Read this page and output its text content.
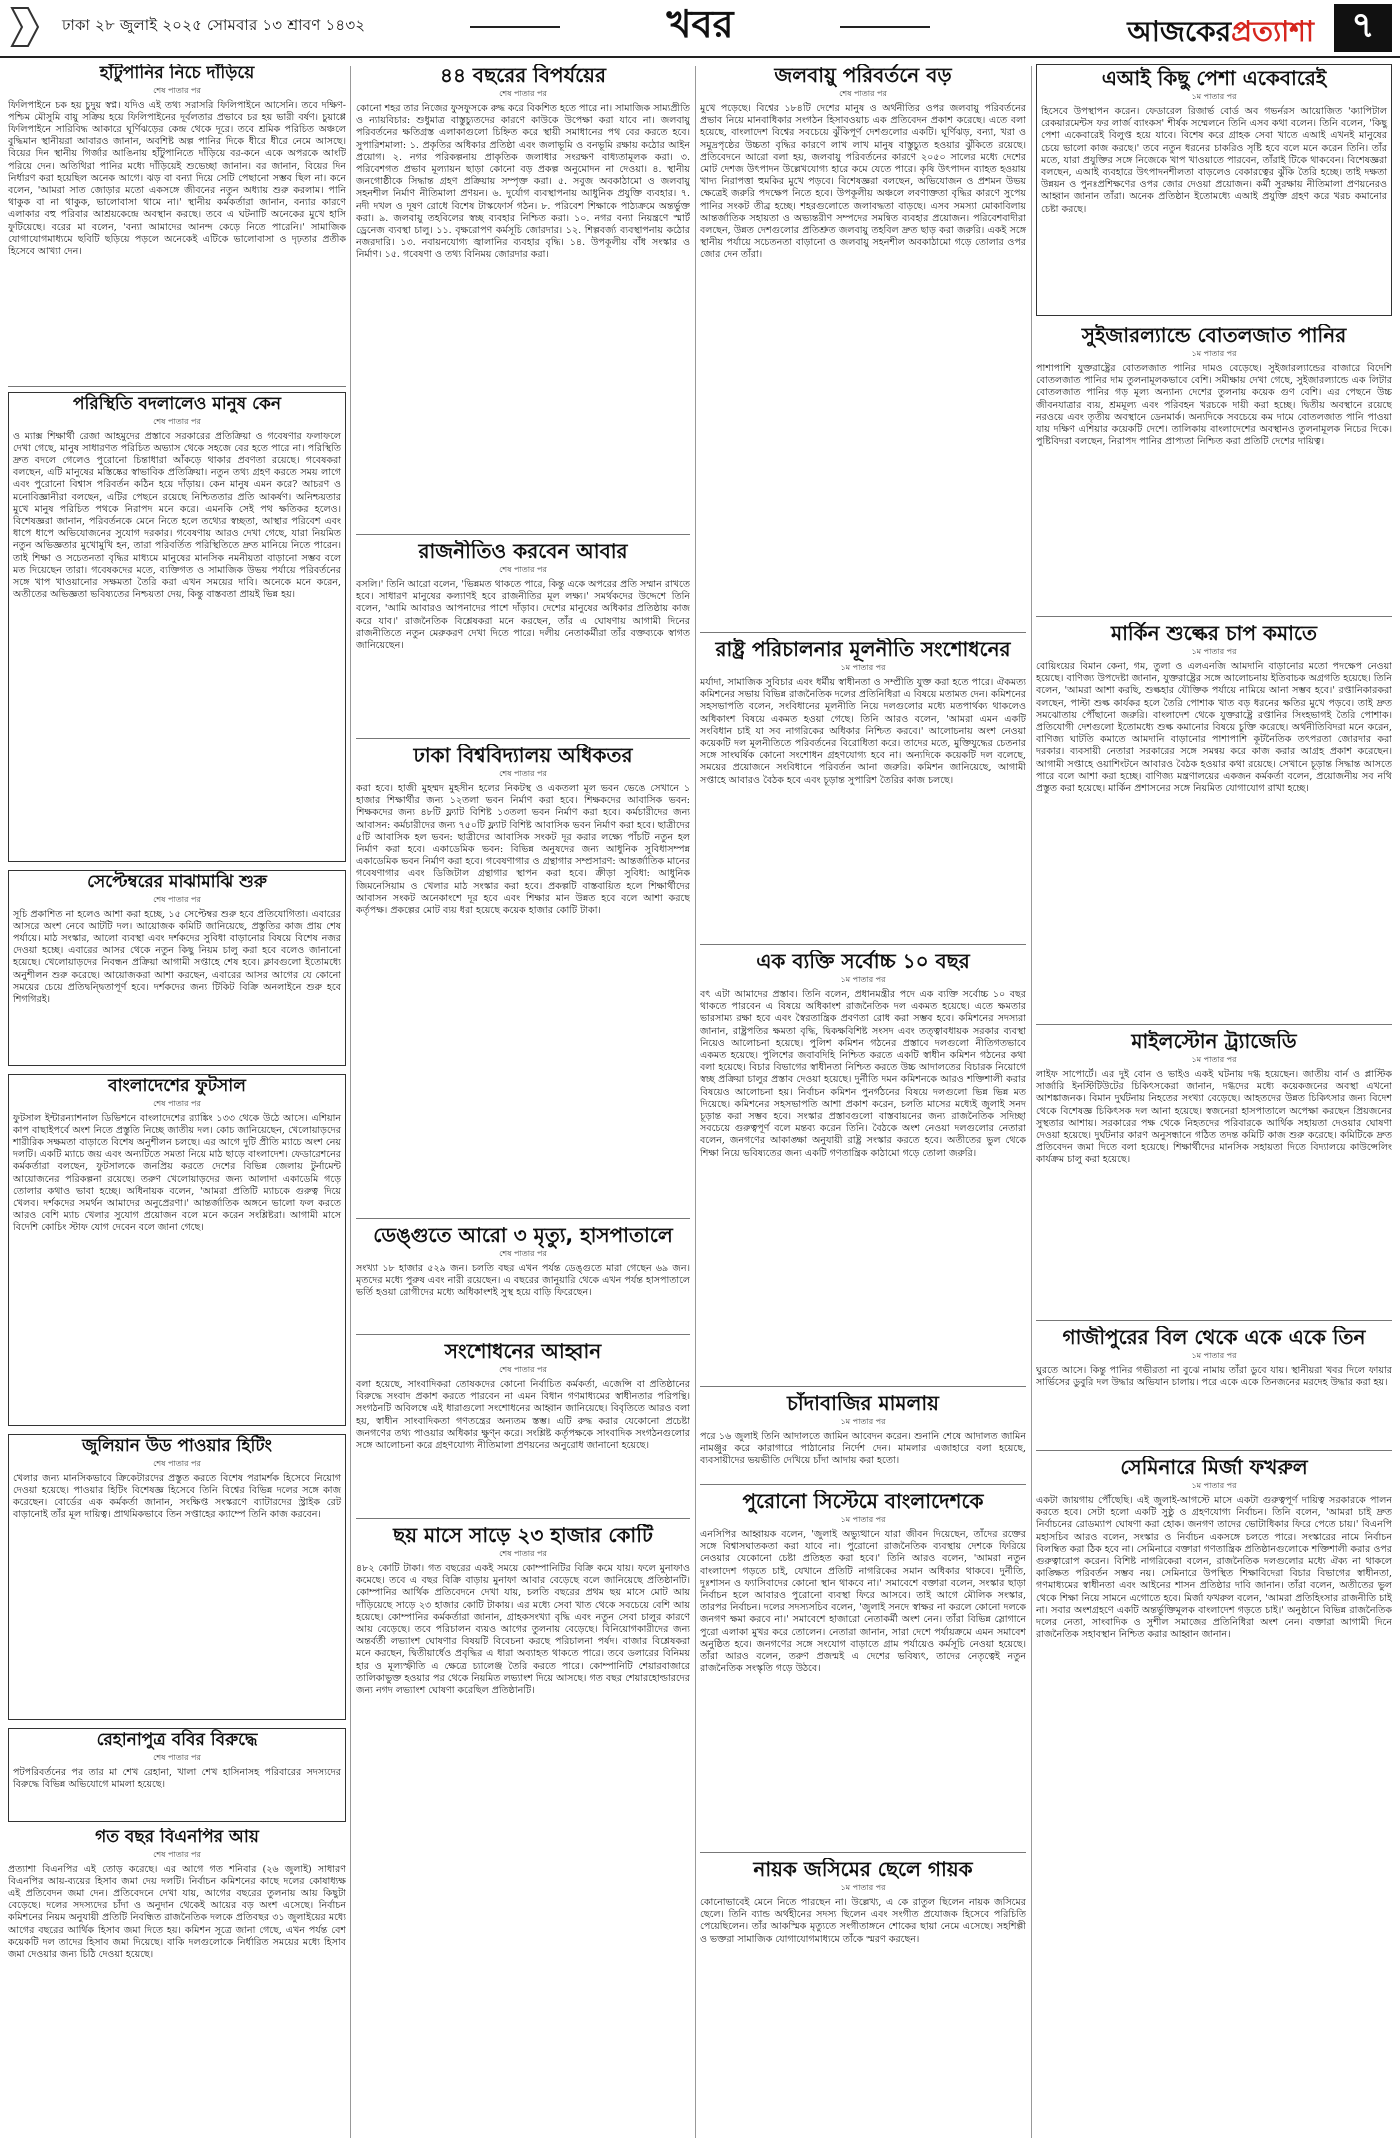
ঢাকা ২৮ জুলাই ২০২৫ সোমবার ১৩ শ্রাবণ ১৪৩২	খবর	আজকেরপ্রত্যাশা	৭
হাঁটুপানির নিচে দাঁড়িয়ে
শেষ পাতার পর
ফিলিপাইনে চক হয় চুদুয় স্বপ্ন। যদিও এই তথ্য সরাসরি ফিলিপাইনে আসেনি। তবে দক্ষিণ-পশ্চিম মৌসুমি বায়ু সক্রিয় হয়ে ফিলিপাইনের দূর্বলতার প্রভাবে চর হয় ভারী বর্ষণ। চুয়াপ্পে ফিলিপাইনে সারিবিদ্ধ আকারে ঘূর্ণিঝড়ের কেন্দ্র থেকে দূরে। তবে শ্রমিক পরিচিত অঞ্চলে বুদ্ধিমান স্থানীয়রা আবারও জানান, অবশিষ্ট অল্প পানির দিকে ধীরে ধীরে নেমে আসছে। বিয়ের দিন স্থানীয় গির্জার আঙিনায় হাঁটুপানিতে দাঁড়িয়ে বর-কনে একে অপরকে আংটি পরিয়ে দেন। অতিথিরা পানির মধ্যে দাঁড়িয়েই শুভেচ্ছা জানান। বর জানান, বিয়ের দিন নির্ধারণ করা হয়েছিল অনেক আগে। ঝড় বা বন্যা দিয়ে সেটি পেছানো সম্ভব ছিল না। কনে বলেন, 'আমরা সাত জোড়ার মতো একসঙ্গে জীবনের নতুন অধ্যায় শুরু করলাম। পানি থাকুক বা না থাকুক, ভালোবাসা থামে না।' স্থানীয় কর্মকর্তারা জানান, বন্যার কারণে এলাকার বহু পরিবার আশ্রয়কেন্দ্রে অবস্থান করছে। তবে এ ঘটনাটি অনেকের মুখে হাসি ফুটিয়েছে। বরের মা বলেন, 'বন্যা আমাদের আনন্দ কেড়ে নিতে পারেনি।' সামাজিক যোগাযোগমাধ্যমে ছবিটি ছড়িয়ে পড়লে অনেকেই এটিকে ভালোবাসা ও দৃঢ়তার প্রতীক হিসেবে আখ্যা দেন।
পরিস্থিতি বদলালেও মানুষ কেন
শেষ পাতার পর
ও ম্যাক্স শিক্ষার্থী রেজা আহমুদের প্রস্তাবে সরকারের প্রতিক্রিয়া ও গবেষণার ফলাফলে দেখা গেছে, মানুষ সাধারণত পরিচিত অভ্যাস থেকে সহজে বের হতে পারে না। পরিস্থিতি দ্রুত বদলে গেলেও পুরোনো চিন্তাধারা আঁকড়ে থাকার প্রবণতা রয়েছে। গবেষকরা বলছেন, এটি মানুষের মস্তিষ্কের স্বাভাবিক প্রতিক্রিয়া। নতুন তথ্য গ্রহণ করতে সময় লাগে এবং পুরোনো বিশ্বাস পরিবর্তন কঠিন হয়ে দাঁড়ায়। কেন মানুষ এমন করে? আচরণ ও মনোবিজ্ঞানীরা বলছেন, এটির পেছনে রয়েছে নিশ্চিততার প্রতি আকর্ষণ। অনিশ্চয়তার মুখে মানুষ পরিচিত পথকে নিরাপদ মনে করে। এমনকি সেই পথ ক্ষতিকর হলেও। বিশেষজ্ঞরা জানান, পরিবর্তনকে মেনে নিতে হলে তথ্যের স্বচ্ছতা, আস্থার পরিবেশ এবং ধাপে ধাপে অভিযোজনের সুযোগ দরকার। গবেষণায় আরও দেখা গেছে, যারা নিয়মিত নতুন অভিজ্ঞতার মুখোমুখি হন, তারা পরিবর্তিত পরিস্থিতিতে দ্রুত মানিয়ে নিতে পারেন। তাই শিক্ষা ও সচেতনতা বৃদ্ধির মাধ্যমে মানুষের মানসিক নমনীয়তা বাড়ানো সম্ভব বলে মত দিয়েছেন তারা। গবেষকদের মতে, ব্যক্তিগত ও সামাজিক উভয় পর্যায়ে পরিবর্তনের সঙ্গে খাপ খাওয়ানোর সক্ষমতা তৈরি করা এখন সময়ের দাবি। অনেকে মনে করেন, অতীতের অভিজ্ঞতা ভবিষ্যতের নিশ্চয়তা দেয়, কিন্তু বাস্তবতা প্রায়ই ভিন্ন হয়।
সেপ্টেম্বরের মাঝামাঝি শুরু
শেষ পাতার পর
সূচি প্রকাশিত না হলেও আশা করা হচ্ছে, ১৫ সেপ্টেম্বর শুরু হবে প্রতিযোগিতা। এবারের আসরে অংশ নেবে আটটি দল। আয়োজক কমিটি জানিয়েছে, প্রস্তুতির কাজ প্রায় শেষ পর্যায়ে। মাঠ সংস্কার, আলো ব্যবস্থা এবং দর্শকদের সুবিধা বাড়ানোর বিষয়ে বিশেষ নজর দেওয়া হচ্ছে। এবারের আসর থেকে নতুন কিছু নিয়ম চালু করা হবে বলেও জানানো হয়েছে। খেলোয়াড়দের নিবন্ধন প্রক্রিয়া আগামী সপ্তাহে শেষ হবে। ক্লাবগুলো ইতোমধ্যে অনুশীলন শুরু করেছে। আয়োজকরা আশা করছেন, এবারের আসর আগের যে কোনো সময়ের চেয়ে প্রতিদ্বন্দ্বিতাপূর্ণ হবে। দর্শকদের জন্য টিকিট বিক্রি অনলাইনে শুরু হবে শিগগিরই।
বাংলাদেশের ফুটসাল
শেষ পাতার পর
ফুটসাল ইন্টারন্যাশনাল ডিভিশনে বাংলাদেশের র‌্যাঙ্কিং ১৩৩ থেকে উঠে আসে। এশিয়ান কাপ বাছাইপর্বে অংশ নিতে প্রস্তুতি নিচ্ছে জাতীয় দল। কোচ জানিয়েছেন, খেলোয়াড়দের শারীরিক সক্ষমতা বাড়াতে বিশেষ অনুশীলন চলছে। এর আগে দুটি প্রীতি ম্যাচে অংশ নেয় দলটি। একটি ম্যাচে জয় এবং অন্যটিতে সমতা নিয়ে মাঠ ছাড়ে বাংলাদেশ। ফেডারেশনের কর্মকর্তারা বলছেন, ফুটসালকে জনপ্রিয় করতে দেশের বিভিন্ন জেলায় টুর্নামেন্ট আয়োজনের পরিকল্পনা রয়েছে। তরুণ খেলোয়াড়দের জন্য আলাদা একাডেমি গড়ে তোলার কথাও ভাবা হচ্ছে। অধিনায়ক বলেন, 'আমরা প্রতিটি ম্যাচকে গুরুত্ব দিয়ে খেলব। দর্শকদের সমর্থন আমাদের অনুপ্রেরণা।' আন্তর্জাতিক অঙ্গনে ভালো ফল করতে আরও বেশি ম্যাচ খেলার সুযোগ প্রয়োজন বলে মনে করেন সংশ্লিষ্টরা। আগামী মাসে বিদেশি কোচিং স্টাফ যোগ দেবেন বলে জানা গেছে।
জুলিয়ান উড পাওয়ার হিটিং
শেষ পাতার পর
খেলার জন্য মানসিকভাবে ক্রিকেটারদের প্রস্তুত করতে বিশেষ পরামর্শক হিসেবে নিয়োগ দেওয়া হয়েছে। পাওয়ার হিটিং বিশেষজ্ঞ হিসেবে তিনি বিশ্বের বিভিন্ন দলের সঙ্গে কাজ করেছেন। বোর্ডের এক কর্মকর্তা জানান, সংক্ষিপ্ত সংস্করণে ব্যাটারদের স্ট্রাইক রেট বাড়ানোই তাঁর মূল দায়িত্ব। প্রাথমিকভাবে তিন সপ্তাহের ক্যাম্পে তিনি কাজ করবেন।
রেহানাপুত্র ববির বিরুদ্ধে
শেষ পাতার পর
পটপরিবর্তনের পর তার মা শেখ রেহানা, খালা শেখ হাসিনাসহ পরিবারের সদস্যদের বিরুদ্ধে বিভিন্ন অভিযোগে মামলা হয়েছে।
গত বছর বিএনপির আয়
শেষ পাতার পর
প্রত্যাশা বিএনপির এই তোড় করেছে। এর আগে গত শনিবার (২৬ জুলাই) সাধারণ বিএনপির আয়-ব্যয়ের হিসাব জমা দেয় দলটি। নির্বাচন কমিশনের কাছে দলের কোষাধ্যক্ষ এই প্রতিবেদন জমা দেন। প্রতিবেদনে দেখা যায়, আগের বছরের তুলনায় আয় কিছুটা বেড়েছে। দলের সদস্যদের চাঁদা ও অনুদান থেকেই আয়ের বড় অংশ এসেছে। নির্বাচন কমিশনের নিয়ম অনুযায়ী প্রতিটি নিবন্ধিত রাজনৈতিক দলকে প্রতিবছর ৩১ জুলাইয়ের মধ্যে আগের বছরের আর্থিক হিসাব জমা দিতে হয়। কমিশন সূত্রে জানা গেছে, এখন পর্যন্ত বেশ কয়েকটি দল তাদের হিসাব জমা দিয়েছে। বাকি দলগুলোকে নির্ধারিত সময়ের মধ্যে হিসাব জমা দেওয়ার জন্য চিঠি দেওয়া হয়েছে।
৪৪ বছরের বিপর্যয়ের
শেষ পাতার পর
কোনো শহর তার নিজের ফুসফুসকে রুদ্ধ করে বিকশিত হতে পারে না। সামাজিক সাম্যপ্রীতি ও ন্যায়বিচার: শুধুমাত্র বাস্তুচ্যুতদের কারণে কাউকে উপেক্ষা করা যাবে না। জলবায়ু পরিবর্তনের ক্ষতিগ্রস্ত এলাকাগুলো চিহ্নিত করে স্থায়ী সমাধানের পথ বের করতে হবে। সুপারিশমালা: ১. প্রকৃতির অধিকার প্রতিষ্ঠা এবং জলাভূমি ও বনভূমি রক্ষায় কঠোর আইন প্রয়োগ। ২. নগর পরিকল্পনায় প্রাকৃতিক জলাধার সংরক্ষণ বাধ্যতামূলক করা। ৩. পরিবেশগত প্রভাব মূল্যায়ন ছাড়া কোনো বড় প্রকল্প অনুমোদন না দেওয়া। ৪. স্থানীয় জনগোষ্ঠীকে সিদ্ধান্ত গ্রহণ প্রক্রিয়ায় সম্পৃক্ত করা। ৫. সবুজ অবকাঠামো ও জলবায়ু সহনশীল নির্মাণ নীতিমালা প্রণয়ন। ৬. দুর্যোগ ব্যবস্থাপনায় আধুনিক প্রযুক্তি ব্যবহার। ৭. নদী দখল ও দূষণ রোধে বিশেষ টাস্কফোর্স গঠন। ৮. পরিবেশ শিক্ষাকে পাঠ্যক্রমে অন্তর্ভুক্ত করা। ৯. জলবায়ু তহবিলের স্বচ্ছ ব্যবহার নিশ্চিত করা। ১০. নগর বন্যা নিয়ন্ত্রণে স্মার্ট ড্রেনেজ ব্যবস্থা চালু। ১১. বৃক্ষরোপণ কর্মসূচি জোরদার। ১২. শিল্পবর্জ্য ব্যবস্থাপনায় কঠোর নজরদারি। ১৩. নবায়নযোগ্য জ্বালানির ব্যবহার বৃদ্ধি। ১৪. উপকূলীয় বাঁধ সংস্কার ও নির্মাণ। ১৫. গবেষণা ও তথ্য বিনিময় জোরদার করা।
রাজনীতিও করবেন আবার
শেষ পাতার পর
বসলি।' তিনি আরো বলেন, 'ভিন্নমত থাকতে পারে, কিন্তু একে অপরের প্রতি সম্মান রাখতে হবে। সাধারণ মানুষের কল্যাণই হবে রাজনীতির মূল লক্ষ্য।' সমর্থকদের উদ্দেশে তিনি বলেন, 'আমি আবারও আপনাদের পাশে দাঁড়াব। দেশের মানুষের অধিকার প্রতিষ্ঠায় কাজ করে যাব।' রাজনৈতিক বিশ্লেষকরা মনে করছেন, তাঁর এ ঘোষণায় আগামী দিনের রাজনীতিতে নতুন মেরুকরণ দেখা দিতে পারে। দলীয় নেতাকর্মীরা তাঁর বক্তব্যকে স্বাগত জানিয়েছেন।
ঢাকা বিশ্ববিদ্যালয় অধিকতর
শেষ পাতার পর
করা হবে। হাজী মুহম্মদ মুহসীন হলের নিকটস্থ ও একতলা মূল ভবন ভেঙে সেখানে ১ হাজার শিক্ষার্থীর জন্য ১২তলা ভবন নির্মাণ করা হবে। শিক্ষকদের আবাসিক ভবন: শিক্ষকদের জন্য ৪৮টি ফ্ল্যাট বিশিষ্ট ১৩তলা ভবন নির্মাণ করা হবে। কর্মচারীদের জন্য আবাসন: কর্মচারীদের জন্য ৭৫০টি ফ্ল্যাট বিশিষ্ট আবাসিক ভবন নির্মাণ করা হবে। ছাত্রীদের ৫টি আবাসিক হল ভবন: ছাত্রীদের আবাসিক সংকট দূর করার লক্ষ্যে পাঁচটি নতুন হল নির্মাণ করা হবে। একাডেমিক ভবন: বিভিন্ন অনুষদের জন্য আধুনিক সুবিধাসম্পন্ন একাডেমিক ভবন নির্মাণ করা হবে। গবেষণাগার ও গ্রন্থাগার সম্প্রসারণ: আন্তর্জাতিক মানের গবেষণাগার এবং ডিজিটাল গ্রন্থাগার স্থাপন করা হবে। ক্রীড়া সুবিধা: আধুনিক জিমনেসিয়াম ও খেলার মাঠ সংস্কার করা হবে। প্রকল্পটি বাস্তবায়িত হলে শিক্ষার্থীদের আবাসন সংকট অনেকাংশে দূর হবে এবং শিক্ষার মান উন্নত হবে বলে আশা করছে কর্তৃপক্ষ। প্রকল্পের মোট ব্যয় ধরা হয়েছে কয়েক হাজার কোটি টাকা।
ডেঙ্গুতে আরো ৩ মৃত্যু, হাসপাতালে
শেষ পাতার পর
সংখ্যা ১৮ হাজার ৫২৯ জন। চলতি বছর এখন পর্যন্ত ডেঙ্গুতে মারা গেছেন ৬৯ জন। মৃতদের মধ্যে পুরুষ এবং নারী রয়েছেন। এ বছরের জানুয়ারি থেকে এখন পর্যন্ত হাসপাতালে ভর্তি হওয়া রোগীদের মধ্যে অধিকাংশই সুস্থ হয়ে বাড়ি ফিরেছেন।
সংশোধনের আহ্বান
শেষ পাতার পর
বলা হয়েছে, সাংবাদিকরা তোষকদের কোনো নির্বাচিত কর্মকর্তা, এজেন্সি বা প্রতিষ্ঠানের বিরুদ্ধে সংবাদ প্রকাশ করতে পারবেন না এমন বিধান গণমাধ্যমের স্বাধীনতার পরিপন্থি। সংগঠনটি অবিলম্বে এই ধারাগুলো সংশোধনের আহ্বান জানিয়েছে। বিবৃতিতে আরও বলা হয়, স্বাধীন সাংবাদিকতা গণতন্ত্রের অন্যতম স্তম্ভ। এটি রুদ্ধ করার যেকোনো প্রচেষ্টা জনগণের তথ্য পাওয়ার অধিকার ক্ষুণ্ন করে। সংশ্লিষ্ট কর্তৃপক্ষকে সাংবাদিক সংগঠনগুলোর সঙ্গে আলোচনা করে গ্রহণযোগ্য নীতিমালা প্রণয়নের অনুরোধ জানানো হয়েছে।
ছয় মাসে সাড়ে ২৩ হাজার কোটি
শেষ পাতার পর
৪৮২ কোটি টাকা। গত বছরের একই সময়ে কোম্পানিটির বিক্রি কমে যায়। ফলে মুনাফাও কমেছে। তবে এ বছর বিক্রি বাড়ায় মুনাফা আবার বেড়েছে বলে জানিয়েছে প্রতিষ্ঠানটি। কোম্পানির আর্থিক প্রতিবেদনে দেখা যায়, চলতি বছরের প্রথম ছয় মাসে মোট আয় দাঁড়িয়েছে সাড়ে ২৩ হাজার কোটি টাকায়। এর মধ্যে সেবা খাত থেকে সবচেয়ে বেশি আয় হয়েছে। কোম্পানির কর্মকর্তারা জানান, গ্রাহকসংখ্যা বৃদ্ধি এবং নতুন সেবা চালুর কারণে আয় বেড়েছে। তবে পরিচালন ব্যয়ও আগের তুলনায় বেড়েছে। বিনিয়োগকারীদের জন্য অন্তর্বর্তী লভ্যাংশ ঘোষণার বিষয়টি বিবেচনা করছে পরিচালনা পর্ষদ। বাজার বিশ্লেষকরা মনে করছেন, দ্বিতীয়ার্ধেও প্রবৃদ্ধির এ ধারা অব্যাহত থাকতে পারে। তবে ডলারের বিনিময় হার ও মূল্যস্ফীতি এ ক্ষেত্রে চ্যালেঞ্জ তৈরি করতে পারে। কোম্পানিটি শেয়ারবাজারে তালিকাভুক্ত হওয়ার পর থেকে নিয়মিত লভ্যাংশ দিয়ে আসছে। গত বছর শেয়ারহোল্ডারদের জন্য নগদ লভ্যাংশ ঘোষণা করেছিল প্রতিষ্ঠানটি।
জলবায়ু পরিবর্তনে বড়
শেষ পাতার পর
মুখে পড়েছে। বিশ্বের ১৮৪টি দেশের মানুষ ও অর্থনীতির ওপর জলবায়ু পরিবর্তনের প্রভাব নিয়ে মানবাধিকার সংগঠন হিসাবওয়াচ এক প্রতিবেদন প্রকাশ করেছে। এতে বলা হয়েছে, বাংলাদেশ বিশ্বের সবচেয়ে ঝুঁকিপূর্ণ দেশগুলোর একটি। ঘূর্ণিঝড়, বন্যা, খরা ও সমুদ্রপৃষ্ঠের উচ্চতা বৃদ্ধির কারণে লাখ লাখ মানুষ বাস্তুচ্যুত হওয়ার ঝুঁকিতে রয়েছে। প্রতিবেদনে আরো বলা হয়, জলবায়ু পরিবর্তনের কারণে ২০৫০ সালের মধ্যে দেশের মোট দেশজ উৎপাদন উল্লেখযোগ্য হারে কমে যেতে পারে। কৃষি উৎপাদন ব্যাহত হওয়ায় খাদ্য নিরাপত্তা হুমকির মুখে পড়বে। বিশেষজ্ঞরা বলছেন, অভিযোজন ও প্রশমন উভয় ক্ষেত্রেই জরুরি পদক্ষেপ নিতে হবে। উপকূলীয় অঞ্চলে লবণাক্ততা বৃদ্ধির কারণে সুপেয় পানির সংকট তীব্র হচ্ছে। শহরগুলোতে জলাবদ্ধতা বাড়ছে। এসব সমস্যা মোকাবিলায় আন্তর্জাতিক সহায়তা ও অভ্যন্তরীণ সম্পদের সমন্বিত ব্যবহার প্রয়োজন। পরিবেশবাদীরা বলছেন, উন্নত দেশগুলোর প্রতিশ্রুত জলবায়ু তহবিল দ্রুত ছাড় করা জরুরি। একই সঙ্গে স্থানীয় পর্যায়ে সচেতনতা বাড়ানো ও জলবায়ু সহনশীল অবকাঠামো গড়ে তোলার ওপর জোর দেন তাঁরা।
রাষ্ট্র পরিচালনার মূলনীতি সংশোধনের
১ম পাতার পর
মর্যাদা, সামাজিক সুবিচার এবং ধর্মীয় স্বাধীনতা ও সম্প্রীতি যুক্ত করা হতে পারে। ঐকমত্য কমিশনের সভায় বিভিন্ন রাজনৈতিক দলের প্রতিনিধিরা এ বিষয়ে মতামত দেন। কমিশনের সহসভাপতি বলেন, সংবিধানের মূলনীতি নিয়ে দলগুলোর মধ্যে মতপার্থক্য থাকলেও অধিকাংশ বিষয়ে একমত হওয়া গেছে। তিনি আরও বলেন, 'আমরা এমন একটি সংবিধান চাই যা সব নাগরিকের অধিকার নিশ্চিত করবে।' আলোচনায় অংশ নেওয়া কয়েকটি দল মূলনীতিতে পরিবর্তনের বিরোধিতা করে। তাদের মতে, মুক্তিযুদ্ধের চেতনার সঙ্গে সাংঘর্ষিক কোনো সংশোধন গ্রহণযোগ্য হবে না। অন্যদিকে কয়েকটি দল বলেছে, সময়ের প্রয়োজনে সংবিধানে পরিবর্তন আনা জরুরি। কমিশন জানিয়েছে, আগামী সপ্তাহে আবারও বৈঠক হবে এবং চূড়ান্ত সুপারিশ তৈরির কাজ চলছে।
এক ব্যক্তি সর্বোচ্চ ১০ বছর
১ম পাতার পর
বৎ এটা আমাদের প্রস্তাব। তিনি বলেন, প্রধানমন্ত্রীর পদে এক ব্যক্তি সর্বোচ্চ ১০ বছর থাকতে পারবেন এ বিষয়ে অধিকাংশ রাজনৈতিক দল একমত হয়েছে। এতে ক্ষমতার ভারসাম্য রক্ষা হবে এবং স্বৈরতান্ত্রিক প্রবণতা রোধ করা সম্ভব হবে। কমিশনের সদস্যরা জানান, রাষ্ট্রপতির ক্ষমতা বৃদ্ধি, দ্বিকক্ষবিশিষ্ট সংসদ এবং তত্ত্বাবধায়ক সরকার ব্যবস্থা নিয়েও আলোচনা হয়েছে। পুলিশ কমিশন গঠনের প্রস্তাবে দলগুলো নীতিগতভাবে একমত হয়েছে। পুলিশের জবাবদিহি নিশ্চিত করতে একটি স্বাধীন কমিশন গঠনের কথা বলা হয়েছে। বিচার বিভাগের স্বাধীনতা নিশ্চিত করতে উচ্চ আদালতের বিচারক নিয়োগে স্বচ্ছ প্রক্রিয়া চালুর প্রস্তাব দেওয়া হয়েছে। দুর্নীতি দমন কমিশনকে আরও শক্তিশালী করার বিষয়েও আলোচনা হয়। নির্বাচন কমিশন পুনর্গঠনের বিষয়ে দলগুলো ভিন্ন ভিন্ন মত দিয়েছে। কমিশনের সহসভাপতি আশা প্রকাশ করেন, চলতি মাসের মধ্যেই জুলাই সনদ চূড়ান্ত করা সম্ভব হবে। সংস্কার প্রস্তাবগুলো বাস্তবায়নের জন্য রাজনৈতিক সদিচ্ছা সবচেয়ে গুরুত্বপূর্ণ বলে মন্তব্য করেন তিনি। বৈঠকে অংশ নেওয়া দলগুলোর নেতারা বলেন, জনগণের আকাঙ্ক্ষা অনুযায়ী রাষ্ট্র সংস্কার করতে হবে। অতীতের ভুল থেকে শিক্ষা নিয়ে ভবিষ্যতের জন্য একটি গণতান্ত্রিক কাঠামো গড়ে তোলা জরুরি।
চাঁদাবাজির মামলায়
১ম পাতার পর
পরে ১৬ জুলাই তিনি আদালতে জামিন আবেদন করেন। শুনানি শেষে আদালত জামিন নামঞ্জুর করে কারাগারে পাঠানোর নির্দেশ দেন। মামলার এজাহারে বলা হয়েছে, ব্যবসায়ীদের ভয়ভীতি দেখিয়ে চাঁদা আদায় করা হতো।
পুরোনো সিস্টেমে বাংলাদেশকে
১ম পাতার পর
এনসিপির আহ্বায়ক বলেন, 'জুলাই অভ্যুত্থানে যারা জীবন দিয়েছেন, তাঁদের রক্তের সঙ্গে বিশ্বাসঘাতকতা করা যাবে না। পুরোনো রাজনৈতিক ব্যবস্থায় দেশকে ফিরিয়ে নেওয়ার যেকোনো চেষ্টা প্রতিহত করা হবে।' তিনি আরও বলেন, 'আমরা নতুন বাংলাদেশ গড়তে চাই, যেখানে প্রতিটি নাগরিকের সমান অধিকার থাকবে। দুর্নীতি, দুঃশাসন ও ফ্যাসিবাদের কোনো স্থান থাকবে না।' সমাবেশে বক্তারা বলেন, সংস্কার ছাড়া নির্বাচন হলে আবারও পুরোনো ব্যবস্থা ফিরে আসবে। তাই আগে মৌলিক সংস্কার, তারপর নির্বাচন। দলের সদস্যসচিব বলেন, 'জুলাই সনদে স্বাক্ষর না করলে কোনো দলকে জনগণ ক্ষমা করবে না।' সমাবেশে হাজারো নেতাকর্মী অংশ নেন। তাঁরা বিভিন্ন স্লোগানে পুরো এলাকা মুখর করে তোলেন। নেতারা জানান, সারা দেশে পর্যায়ক্রমে এমন সমাবেশ অনুষ্ঠিত হবে। জনগণের সঙ্গে সংযোগ বাড়াতে গ্রাম পর্যায়েও কর্মসূচি নেওয়া হয়েছে। তাঁরা আরও বলেন, তরুণ প্রজন্মই এ দেশের ভবিষ্যৎ, তাদের নেতৃত্বেই নতুন রাজনৈতিক সংস্কৃতি গড়ে উঠবে।
নায়ক জসিমের ছেলে গায়ক
১ম পাতার পর
কোনোভাবেই মেনে নিতে পারছেন না। উল্লেখ্য, এ কে রাতুল ছিলেন নায়ক জসিমের ছেলে। তিনি ব্যান্ড অর্থহীনের সদস্য ছিলেন এবং সংগীত প্রযোজক হিসেবে পরিচিতি পেয়েছিলেন। তাঁর আকস্মিক মৃত্যুতে সংগীতাঙ্গনে শোকের ছায়া নেমে এসেছে। সহশিল্পী ও ভক্তরা সামাজিক যোগাযোগমাধ্যমে তাঁকে স্মরণ করছেন।
এআই কিছু পেশা একেবারেই
১ম পাতার পর
হিসেবে উপস্থাপন করেন। ফেডারেল রিজার্ভ বোর্ড অব গভর্নরস আয়োজিত 'ক্যাপিটাল রেকয়ারমেন্টস ফর লার্জ ব্যাংকস' শীর্ষক সম্মেলনে তিনি এসব কথা বলেন। তিনি বলেন, 'কিছু পেশা একেবারেই বিলুপ্ত হয়ে যাবে। বিশেষ করে গ্রাহক সেবা খাতে এআই এখনই মানুষের চেয়ে ভালো কাজ করছে।' তবে নতুন ধরনের চাকরিও সৃষ্টি হবে বলে মনে করেন তিনি। তাঁর মতে, যারা প্রযুক্তির সঙ্গে নিজেকে খাপ খাওয়াতে পারবেন, তাঁরাই টিকে থাকবেন। বিশেষজ্ঞরা বলছেন, এআই ব্যবহারে উৎপাদনশীলতা বাড়লেও বেকারত্বের ঝুঁকি তৈরি হচ্ছে। তাই দক্ষতা উন্নয়ন ও পুনঃপ্রশিক্ষণের ওপর জোর দেওয়া প্রয়োজন। কর্মী সুরক্ষায় নীতিমালা প্রণয়নেরও আহ্বান জানান তাঁরা। অনেক প্রতিষ্ঠান ইতোমধ্যে এআই প্রযুক্তি গ্রহণ করে খরচ কমানোর চেষ্টা করছে।
সুইজারল্যান্ডে বোতলজাত পানির
১ম পাতার পর
পাশাপাশি যুক্তরাষ্ট্রের বোতলজাত পানির দামও বেড়েছে। সুইজারল্যান্ডের বাজারে বিদেশি বোতলজাত পানির দাম তুলনামূলকভাবে বেশি। সমীক্ষায় দেখা গেছে, সুইজারল্যান্ডে এক লিটার বোতলজাত পানির গড় মূল্য অন্যান্য দেশের তুলনায় কয়েক গুণ বেশি। এর পেছনে উচ্চ জীবনযাত্রার ব্যয়, শ্রমমূল্য এবং পরিবহন খরচকে দায়ী করা হচ্ছে। দ্বিতীয় অবস্থানে রয়েছে নরওয়ে এবং তৃতীয় অবস্থানে ডেনমার্ক। অন্যদিকে সবচেয়ে কম দামে বোতলজাত পানি পাওয়া যায় দক্ষিণ এশিয়ার কয়েকটি দেশে। তালিকায় বাংলাদেশের অবস্থানও তুলনামূলক নিচের দিকে। পুষ্টিবিদরা বলছেন, নিরাপদ পানির প্রাপ্যতা নিশ্চিত করা প্রতিটি দেশের দায়িত্ব।
মার্কিন শুল্কের চাপ কমাতে
১ম পাতার পর
বোয়িংয়ের বিমান কেনা, গম, তুলা ও এলএনজি আমদানি বাড়ানোর মতো পদক্ষেপ নেওয়া হয়েছে। বাণিজ্য উপদেষ্টা জানান, যুক্তরাষ্ট্রের সঙ্গে আলোচনায় ইতিবাচক অগ্রগতি হয়েছে। তিনি বলেন, 'আমরা আশা করছি, শুল্কহার যৌক্তিক পর্যায়ে নামিয়ে আনা সম্ভব হবে।' রপ্তানিকারকরা বলছেন, পাল্টা শুল্ক কার্যকর হলে তৈরি পোশাক খাত বড় ধরনের ক্ষতির মুখে পড়বে। তাই দ্রুত সমঝোতায় পৌঁছানো জরুরি। বাংলাদেশ থেকে যুক্তরাষ্ট্রে রপ্তানির সিংহভাগই তৈরি পোশাক। প্রতিযোগী দেশগুলো ইতোমধ্যে শুল্ক কমানোর বিষয়ে চুক্তি করেছে। অর্থনীতিবিদরা মনে করেন, বাণিজ্য ঘাটতি কমাতে আমদানি বাড়ানোর পাশাপাশি কূটনৈতিক তৎপরতা জোরদার করা দরকার। ব্যবসায়ী নেতারা সরকারের সঙ্গে সমন্বয় করে কাজ করার আগ্রহ প্রকাশ করেছেন। আগামী সপ্তাহে ওয়াশিংটনে আবারও বৈঠক হওয়ার কথা রয়েছে। সেখানে চূড়ান্ত সিদ্ধান্ত আসতে পারে বলে আশা করা হচ্ছে। বাণিজ্য মন্ত্রণালয়ের একজন কর্মকর্তা বলেন, প্রয়োজনীয় সব নথি প্রস্তুত করা হয়েছে। মার্কিন প্রশাসনের সঙ্গে নিয়মিত যোগাযোগ রাখা হচ্ছে।
মাইলস্টোন ট্র্যাজেডি
১ম পাতার পর
লাইফ সাপোর্টে। এর দুই বোন ও ভাইও একই ঘটনায় দগ্ধ হয়েছেন। জাতীয় বার্ন ও প্লাস্টিক সার্জারি ইনস্টিটিউটের চিকিৎসকেরা জানান, দগ্ধদের মধ্যে কয়েকজনের অবস্থা এখনো আশঙ্কাজনক। বিমান দুর্ঘটনায় নিহতের সংখ্যা বেড়েছে। আহতদের উন্নত চিকিৎসার জন্য বিদেশ থেকে বিশেষজ্ঞ চিকিৎসক দল আনা হয়েছে। স্বজনেরা হাসপাতালে অপেক্ষা করছেন প্রিয়জনের সুস্থতার আশায়। সরকারের পক্ষ থেকে নিহতদের পরিবারকে আর্থিক সহায়তা দেওয়ার ঘোষণা দেওয়া হয়েছে। দুর্ঘটনার কারণ অনুসন্ধানে গঠিত তদন্ত কমিটি কাজ শুরু করেছে। কমিটিকে দ্রুত প্রতিবেদন জমা দিতে বলা হয়েছে। শিক্ষার্থীদের মানসিক সহায়তা দিতে বিদ্যালয়ে কাউন্সেলিং কার্যক্রম চালু করা হয়েছে।
গাজীপুরের বিল থেকে একে একে তিন
১ম পাতার পর
ঘুরতে আসে। কিন্তু পানির গভীরতা না বুঝে নামায় তাঁরা ডুবে যায়। স্থানীয়রা খবর দিলে ফায়ার সার্ভিসের ডুবুরি দল উদ্ধার অভিযান চালায়। পরে একে একে তিনজনের মরদেহ উদ্ধার করা হয়।
সেমিনারে মির্জা ফখরুল
১ম পাতার পর
একটা জায়গায় পৌঁছেছি। এই জুলাই-আগস্টে মাসে একটা গুরুত্বপূর্ণ দায়িত্ব সরকারকে পালন করতে হবে। সেটা হলো একটি সুষ্ঠু ও গ্রহণযোগ্য নির্বাচন। তিনি বলেন, 'আমরা চাই দ্রুত নির্বাচনের রোডম্যাপ ঘোষণা করা হোক। জনগণ তাদের ভোটাধিকার ফিরে পেতে চায়।' বিএনপি মহাসচিব আরও বলেন, সংস্কার ও নির্বাচন একসঙ্গে চলতে পারে। সংস্কারের নামে নির্বাচন বিলম্বিত করা ঠিক হবে না। সেমিনারে বক্তারা গণতান্ত্রিক প্রতিষ্ঠানগুলোকে শক্তিশালী করার ওপর গুরুত্বারোপ করেন। বিশিষ্ট নাগরিকেরা বলেন, রাজনৈতিক দলগুলোর মধ্যে ঐক্য না থাকলে কাঙ্ক্ষিত পরিবর্তন সম্ভব নয়। সেমিনারে উপস্থিত শিক্ষাবিদেরা বিচার বিভাগের স্বাধীনতা, গণমাধ্যমের স্বাধীনতা এবং আইনের শাসন প্রতিষ্ঠার দাবি জানান। তাঁরা বলেন, অতীতের ভুল থেকে শিক্ষা নিয়ে সামনে এগোতে হবে। মির্জা ফখরুল বলেন, 'আমরা প্রতিহিংসার রাজনীতি চাই না। সবার অংশগ্রহণে একটি অন্তর্ভুক্তিমূলক বাংলাদেশ গড়তে চাই।' অনুষ্ঠানে বিভিন্ন রাজনৈতিক দলের নেতা, সাংবাদিক ও সুশীল সমাজের প্রতিনিধিরা অংশ নেন। বক্তারা আগামী দিনে রাজনৈতিক সহাবস্থান নিশ্চিত করার আহ্বান জানান।
